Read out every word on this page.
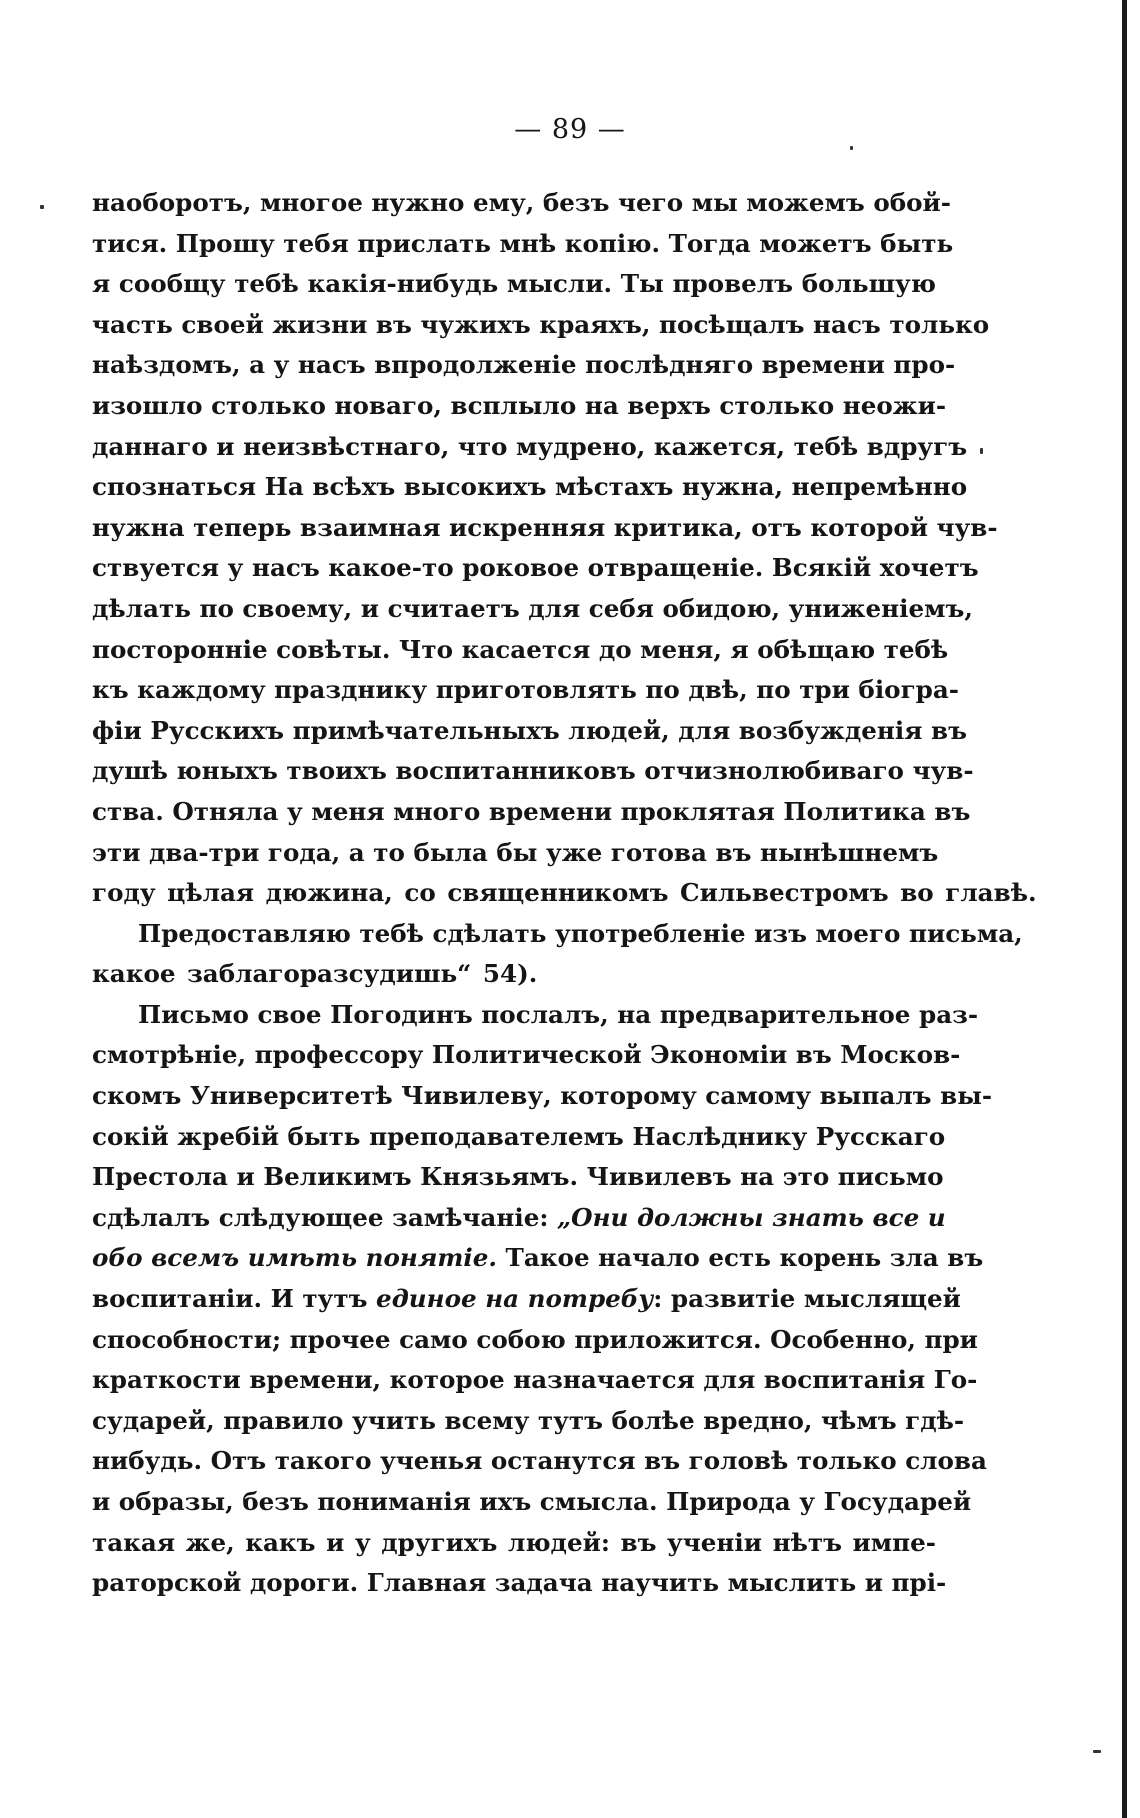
— 89 —
наоборотъ, многое нужно ему, безъ чего мы можемъ обой-
тися. Прошу тебя прислать мнѣ копію. Тогда можетъ быть
я сообщу тебѣ какія-нибудь мысли. Ты провелъ большую
часть своей жизни въ чужихъ краяхъ, посѣщалъ насъ только
наѣздомъ, а у насъ впродолженіе послѣдняго времени про-
изошло столько новаго, всплыло на верхъ столько неожи-
даннаго и неизвѣстнаго, что мудрено, кажется, тебѣ вдругъ
спознаться На всѣхъ высокихъ мѣстахъ нужна, непремѣнно
нужна теперь взаимная искренняя критика, отъ которой чув-
ствуется у насъ какое-то роковое отвращеніе. Всякій хочетъ
дѣлать по своему, и считаетъ для себя обидою, униженіемъ,
посторонніе совѣты. Что касается до меня, я обѣщаю тебѣ
къ каждому празднику приготовлять по двѣ, по три біогра-
фіи Русскихъ примѣчательныхъ людей, для возбужденія въ
душѣ юныхъ твоихъ воспитанниковъ отчизнолюбиваго чув-
ства. Отняла у меня много времени проклятая Политика въ
эти два-три года, а то была бы уже готова въ нынѣшнемъ
году цѣлая дюжина, со священникомъ Сильвестромъ во главѣ.
Предоставляю тебѣ сдѣлать употребленіе изъ моего письма,
какое заблагоразсудишь“ 54).
Письмо свое Погодинъ послалъ, на предварительное раз-
смотрѣніе, профессору Политической Экономіи въ Москов-
скомъ Университетѣ Чивилеву, которому самому выпалъ вы-
сокій жребій быть преподавателемъ Наслѣднику Русскаго
Престола и Великимъ Князьямъ. Чивилевъ на это письмо
сдѣлалъ слѣдующее замѣчаніе: „Они должны знать все и
обо всемъ имѣть понятіе. Такое начало есть корень зла въ
воспитаніи. И тутъ единое на потребу: развитіе мыслящей
способности; прочее само собою приложится. Особенно, при
краткости времени, которое назначается для воспитанія Го-
сударей, правило учить всему тутъ болѣе вредно, чѣмъ гдѣ-
нибудь. Отъ такого ученья останутся въ головѣ только слова
и образы, безъ пониманія ихъ смысла. Природа у Государей
такая же, какъ и у другихъ людей: въ ученіи нѣтъ импе-
раторской дороги. Главная задача научить мыслить и прі-
